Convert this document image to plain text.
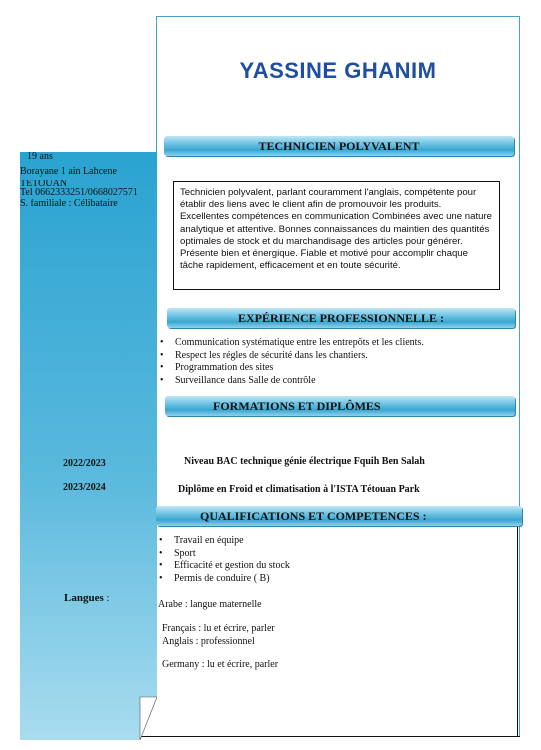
19 ans
Borayane 1 ain Lahcene
TETOUAN
Tel 0662333251/0668027571
S. familiale : Célibataire
Langues :
YASSINE GHANIM
TECHNICIEN POLYVALENT
Technicien polyvalent, parlant couramment l'anglais, compétente pour établir des liens avec le client afin de promouvoir les produits. Excellentes compétences en communication Combinées avec une nature analytique et attentive. Bonnes connaissances du maintien des quantités optimales de stock et du marchandisage des articles pour générer. Présente bien et énergique. Fiable et motivé pour accomplir chaque tâche rapidement, efficacement et en toute sécurité.
EXPÉRIENCE PROFESSIONNELLE :
• Communication systématique entre les entrepôts et les clients.
• Respect les régles de sécurité dans les chantiers.
• Programmation des sites
• Surveillance dans Salle de contrôle
FORMATIONS ET DIPLÔMES
2022/2023	Niveau BAC technique génie électrique Fquih Ben Salah
2023/2024	Diplôme en Froid et climatisation à l'ISTA Tétouan Park
QUALIFICATIONS ET COMPETENCES :
• Travail en équipe
• Sport
• Efficacité et gestion du stock
• Permis de conduire ( B)
Arabe : langue maternelle
Français : lu et écrire, parler
Anglais : professionnel
Germany : lu et écrire, parler
